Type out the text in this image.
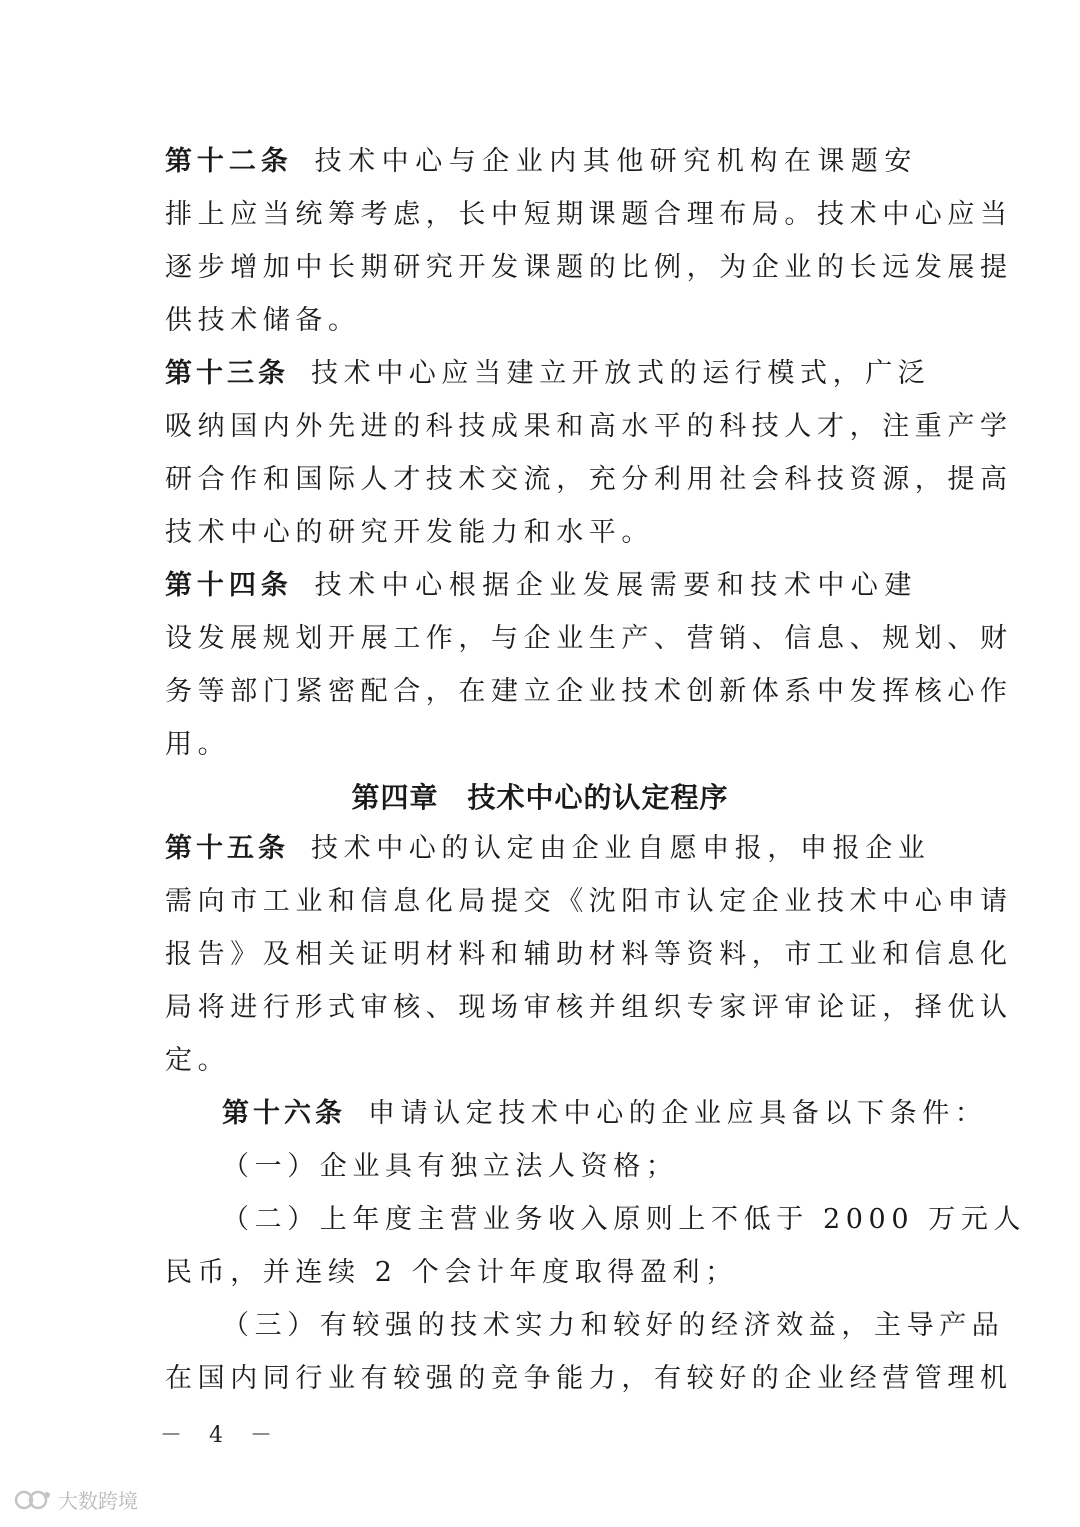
第十二条 技术中心与企业内其他研究机构在课题安
排上应当统筹考虑，长中短期课题合理布局。技术中心应当
逐步增加中长期研究开发课题的比例，为企业的长远发展提
供技术储备。
第十三条 技术中心应当建立开放式的运行模式，广泛
吸纳国内外先进的科技成果和高水平的科技人才，注重产学
研合作和国际人才技术交流，充分利用社会科技资源，提高
技术中心的研究开发能力和水平。
第十四条 技术中心根据企业发展需要和技术中心建
设发展规划开展工作，与企业生产、营销、信息、规划、财
务等部门紧密配合，在建立企业技术创新体系中发挥核心作
用。
第四章　技术中心的认定程序
第十五条 技术中心的认定由企业自愿申报，申报企业
需向市工业和信息化局提交《沈阳市认定企业技术中心申请
报告》及相关证明材料和辅助材料等资料，市工业和信息化
局将进行形式审核、现场审核并组织专家评审论证，择优认
定。
第十六条 申请认定技术中心的企业应具备以下条件：
（一）企业具有独立法人资格；
（二）上年度主营业务收入原则上不低于 2000 万元人
民币，并连续 2 个会计年度取得盈利；
（三）有较强的技术实力和较好的经济效益，主导产品
在国内同行业有较强的竞争能力，有较好的企业经营管理机
－ 4 －
大数跨境
